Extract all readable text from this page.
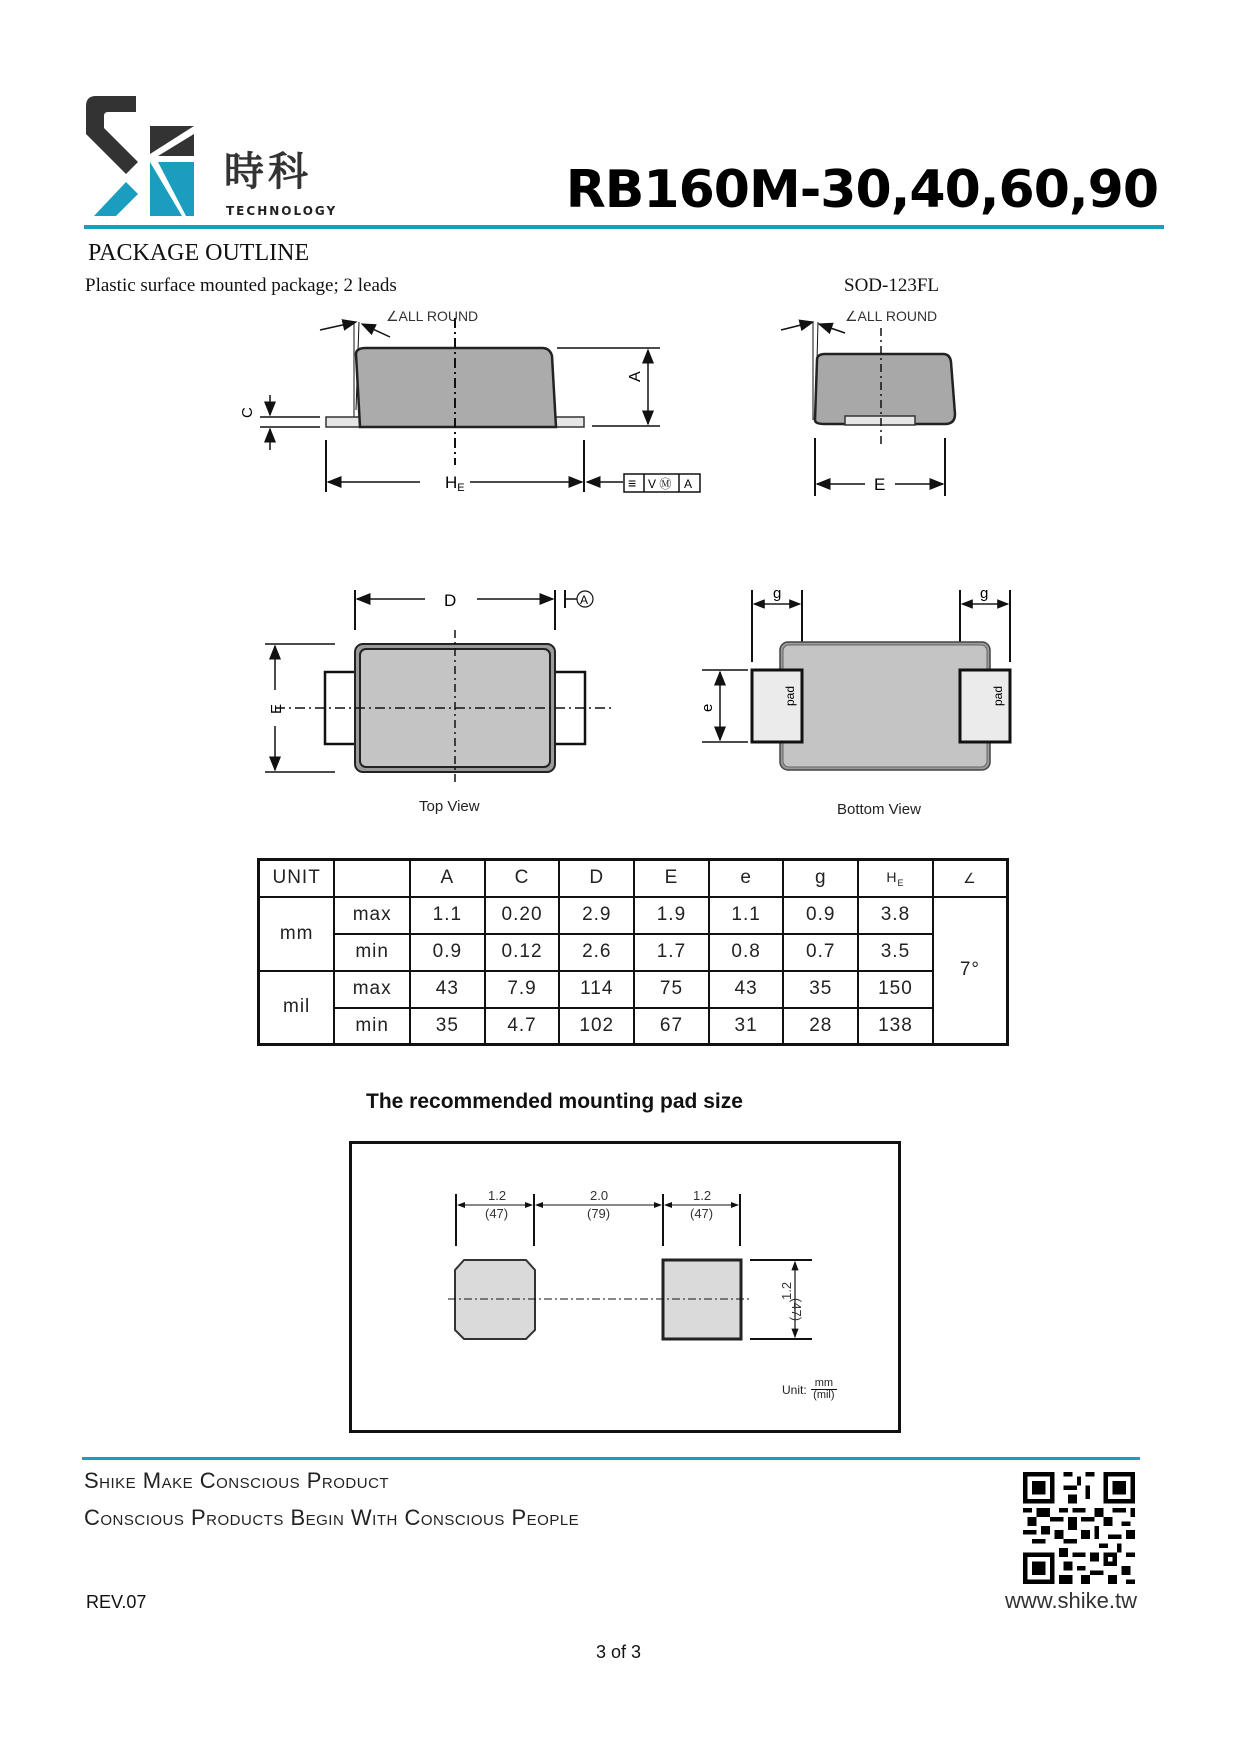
時科
TECHNOLOGY	RB160M-30,40,60,90
PACKAGE OUTLINE
Plastic surface mounted package; 2 leads	SOD-123FL
∠ALL ROUND
A
C
HE	≡ V Ⓜ A
∠ALL ROUND
E
D	A
E
Top View
g	g
pad	pad
e
Bottom View
UNIT		A	C	D	E	e	g	$H_E$	∠
mm	max	1.1	0.20	2.9	1.9	1.1	0.9	3.8	7°
	min	0.9	0.12	2.6	1.7	0.8	0.7	3.5	
mil	max	43	7.9	114	75	43	35	150	
	min	35	4.7	102	67	31	28	138	
The recommended mounting pad size
1.2
(47)
2.0
(79)
1.2
(47)
1.2
(47)
Unit: mm
(mil)
Shike Make Conscious Product
Conscious Products Begin With Conscious People
REV.07	www.shike.tw
3 of 3
